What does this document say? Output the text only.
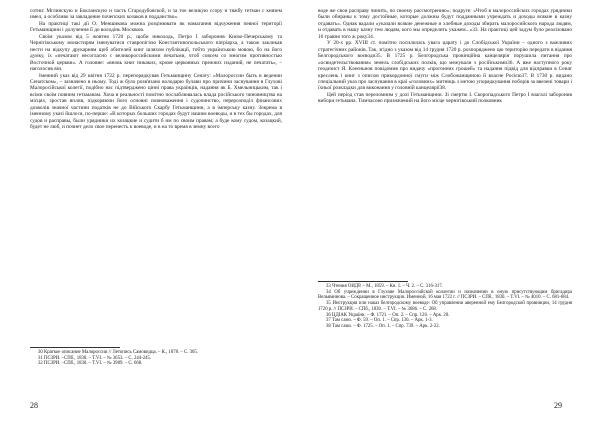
сотни: Мглинскую и Бокланскую и часть Стародубовской, и за тое великую ссору и тяжбу гетман с князем имел, а особливо за завладение почепских козаков в подданство».

На практиці такі дії О. Меншикова можна розцінювати як намагання відчуження певної території Гетьманщини і долучення її до володінь Москвою.

Своїм указом від 5 жовтня 1720 р., щоби никоходь, Петро І заборонив Києво-Печерському та Чернігівському монастирям іменуватися ставропігією Константинопольського патріарха, а також закликав нести на відкупу друкарням щоб обителей книг шляхом публікації, тобто українською мовою, бо на його думку, їх «печатают несогласно с великороссийскими печатьми, чтоб совсем со многим противностью Восточной церкви». А головне: «вновь книг никаких, кроме церковных прежних изданий, не печатать», – наголосив він.

Іменний указ від 29 квітня 1722 р. перепорядкував Гетьманщину Сенату: «Малороссии быть в ведении Сенатском», – зазначено в ньому. Тоді ж було розв'язано володарю булави про причини заснування в Глухові Малоросійської колегії, подібно нас підтверджено цінні права українців, надання як Б. Хмельницьким, так і всіми своїм повним гетьманам. Хоча в реальності помітно послаблювалась влада російського чиновництва на місцях, зростав вплив, підкоряючи його основні повноваження і судочинство, перерозподіл фінансових дозволів значної частини податків не до Війського Скарбу Гетьманщини, а в імперську казну. Зокрема в іменному указі йшлося, по-перше: «В которых больших городах будут нашим воеводы, и в тех бы городах, для судов и расправы, были урядники их козацкие и судити б им по своим правам; а буде кому судом, козацкий, будет не люб, и почнет дело свое перенесть к воеводе, и в на то время в земну всего

30 Краткое описание Малороссии // Летопись Самовидца. – К., 1878. – С. 305.

31 ПСЗРИ. –СПб., 1830. – Т.VI. – № 3653. – С. 244-245.

32 ПСЗРИ. –СПб., 1830. – Т.VI. – № 3989. – С. 668.

28

воде же свои расправу чинить, по своему рассмотрению»; подруге: «Чтоб в малороссийских городах урядники были обираны к тому достойные, которые должны будут подданными учреждать и доходы всякие в казну отдавать». Однак вадали «указали всякие денежные и хлебные доходы збирать малоросийского народа людям, и отдавать в нашу казну тем людям, кого мы определить укажем...»33. На практиці цей задум було реалізовано 16 травня того ж року34.

У 20-х pp. XVIII ст. помітно посилилась увага царату і до Слобідської України – одного з важливих стратегічних районів. Так, згідно з указом від 14 грудня 1720 р. розпоряджено цю територію передати в відання Белгородського воєводи35. В 1725 р. Белгородська провінційна канцелярія порушила питання про «освидетельствования» земель слобідських полків, що межували з російськими36. А вже наступного року геодезист Я. Клеєньнов повідомив про видачу «прогонних грошей» та надання підвід для відправки в Сенат креслень і книг з описом прикордонної смуги між Слобожанщиною й власне Росією37. В 1730 р. видано спеціальний указ про заснування в краї «головних» митниць з метою упорядкування поборів за ввезені товари і їхньої розкладки для виконання у головній канцелярії38.

Цей період став переломним у долі Гетьманщини. Зі смертю І. Скоропадського Петро І взагалі заборонив вибори гетьмана. Тимчасово призначений на його місце чернігівський полковник

33 Чтения ОИДР. – М., 1859. – Кн. 1. – Ч. 2. – С. 316-317.

34 Об учреждении в Глухове Малороссийской коллегии и назначении в оную присутствующим бригадира Вельяминова. – Сокращенное инструкции. Именной, 16 мая 1722 г. // ПСЗРИ. – СПб., 1830. – Т.VI. – № 4010. – С. 681-684.

35 Инструкция или наказ белгородскому воеводе: Об управлении аверенной ему Белгородской провинции, 14 грудня 1720 р. // ПСЗРИ. – СПб., 1830. – Т.VI. – № 3686. – С. 268.

36 ЦДІАК України. – Ф. 1721. – Оп. 2. – Спр. 126. – Арк. 20.

37 Там само. – Ф. 59. – Оп. 1. – Спр. 130. – Арк. 1-3.

38 Там само. – Ф. 1725. – Оп. 1. – Спр. 739. – Арк. 2-22.

29
